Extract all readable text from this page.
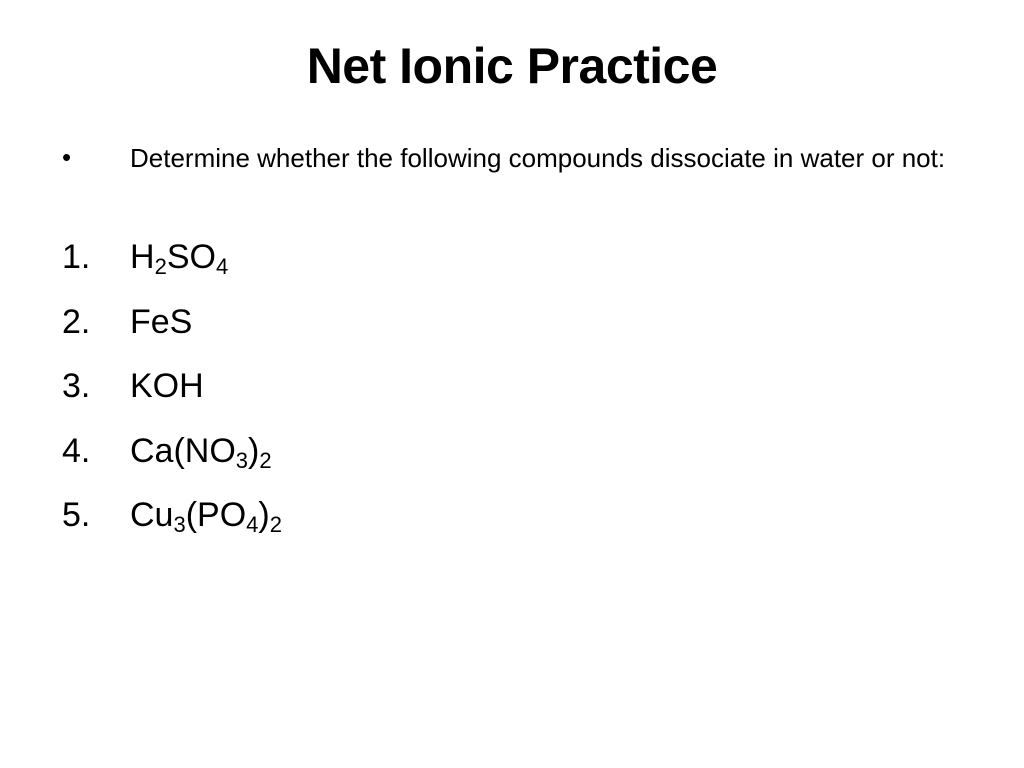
Net Ionic Practice
•	Determine whether the following compounds dissociate in water or not:
1.	$H_2SO_4$
2.	FeS
3.	KOH
4.	$Ca(NO_3)_2$
5.	$Cu_3(PO_4)_2$
